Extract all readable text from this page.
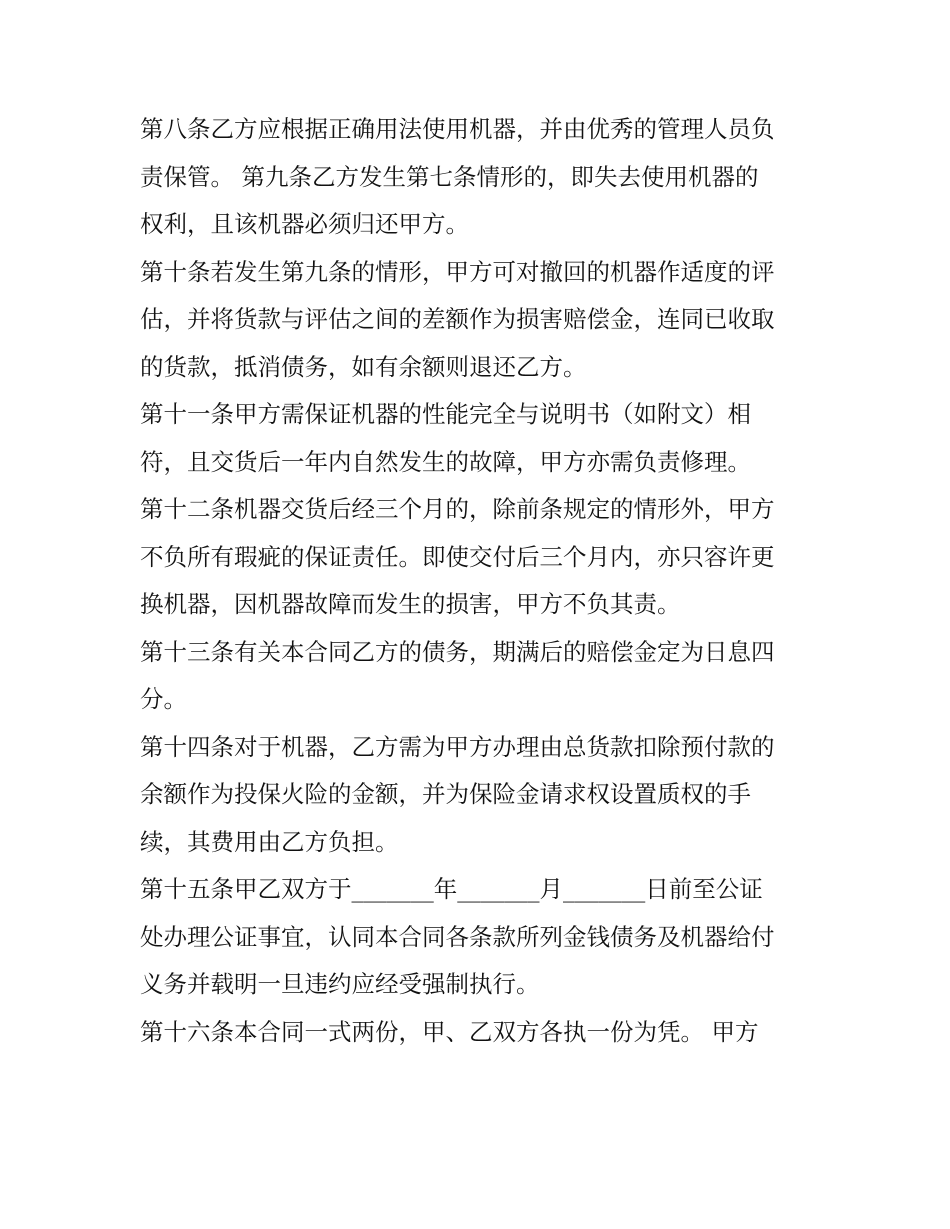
第八条乙方应根据正确用法使用机器，并由优秀的管理人员负
责保管。 第九条乙方发生第七条情形的，即失去使用机器的
权利，且该机器必须归还甲方。
第十条若发生第九条的情形，甲方可对撤回的机器作适度的评
估，并将货款与评估之间的差额作为损害赔偿金，连同已收取
的货款，抵消债务，如有余额则退还乙方。
第十一条甲方需保证机器的性能完全与说明书（如附文）相
符，且交货后一年内自然发生的故障，甲方亦需负责修理。
第十二条机器交货后经三个月的，除前条规定的情形外，甲方
不负所有瑕疵的保证责任。即使交付后三个月内，亦只容许更
换机器，因机器故障而发生的损害，甲方不负其责。
第十三条有关本合同乙方的债务，期满后的赔偿金定为日息四
分。
第十四条对于机器，乙方需为甲方办理由总货款扣除预付款的
余额作为投保火险的金额，并为保险金请求权设置质权的手
续，其费用由乙方负担。
第十五条甲乙双方于_______年_______月_______日前至公证
处办理公证事宜，认同本合同各条款所列金钱债务及机器给付
义务并载明一旦违约应经受强制执行。
第十六条本合同一式两份，甲、乙双方各执一份为凭。 甲方
